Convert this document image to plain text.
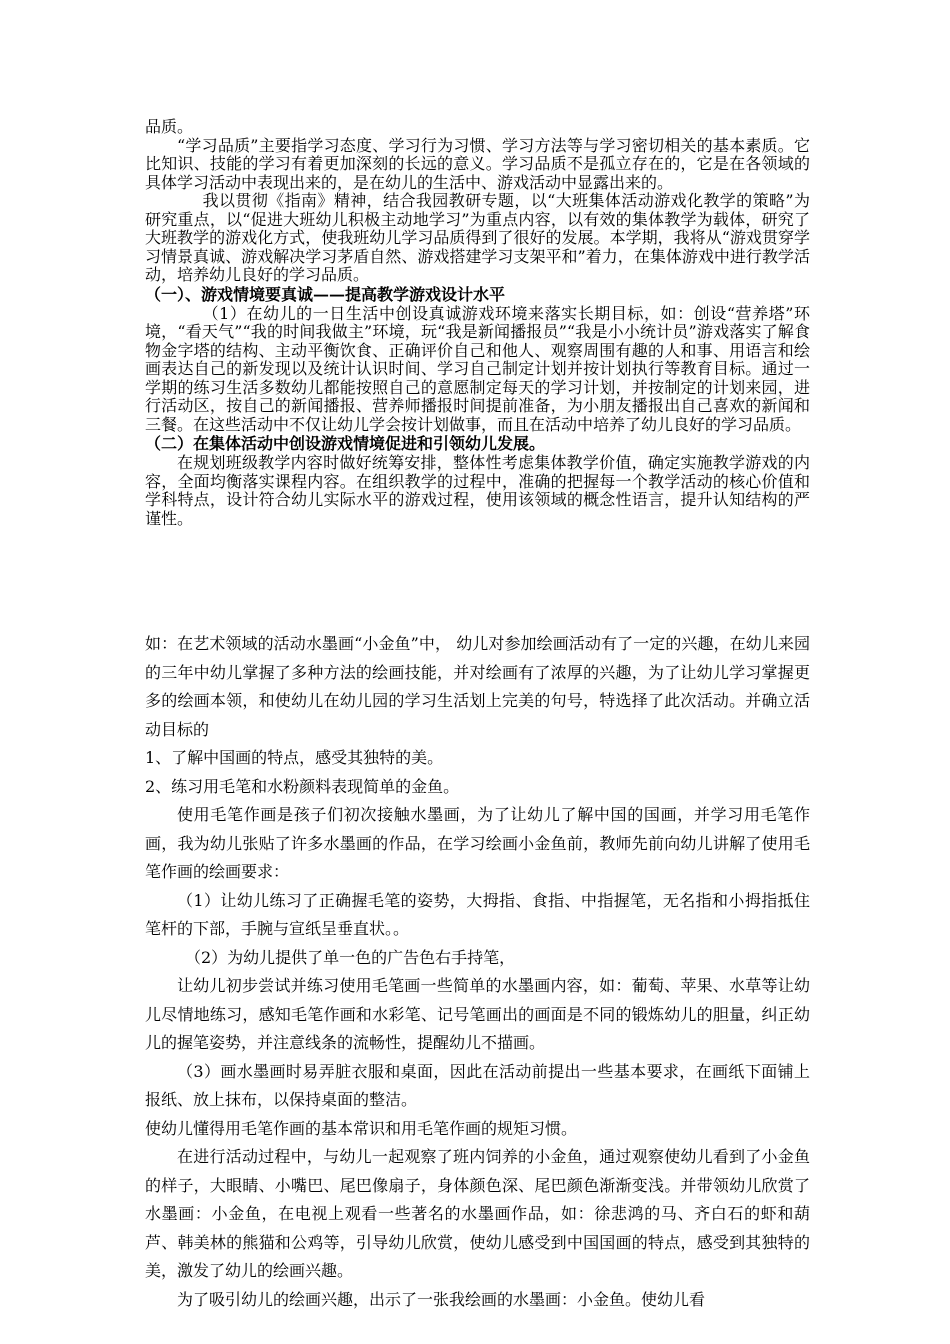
品质。

“学习品质”主要指学习态度、学习行为习惯、学习方法等与学习密切相关的基本素质。它比知识、技能的学习有着更加深刻的长远的意义。学习品质不是孤立存在的，它是在各领域的具体学习活动中表现出来的，是在幼儿的生活中、游戏活动中显露出来的。

我以贯彻《指南》精神，结合我园教研专题，以“大班集体活动游戏化教学的策略”为研究重点，以“促进大班幼儿积极主动地学习”为重点内容，以有效的集体教学为载体，研究了大班教学的游戏化方式，使我班幼儿学习品质得到了很好的发展。本学期，我将从“游戏贯穿学习情景真诚、游戏解决学习茅盾自然、游戏搭建学习支架平和”着力，在集体游戏中进行教学活动，培养幼儿良好的学习品质。

（一）、游戏情境要真诚——提高教学游戏设计水平

（1）在幼儿的一日生活中创设真诚游戏环境来落实长期目标，如：创设“营养塔”环境，“看天气”“我的时间我做主”环境，玩“我是新闻播报员”“我是小小统计员”游戏落实了解食物金字塔的结构、主动平衡饮食、正确评价自己和他人、观察周围有趣的人和事、用语言和绘画表达自己的新发现以及统计认识时间、学习自己制定计划并按计划执行等教育目标。通过一学期的练习生活多数幼儿都能按照自己的意愿制定每天的学习计划，并按制定的计划来园，进行活动区，按自己的新闻播报、营养师播报时间提前准备，为小朋友播报出自己喜欢的新闻和三餐。在这些活动中不仅让幼儿学会按计划做事，而且在活动中培养了幼儿良好的学习品质。

（二）在集体活动中创设游戏情境促进和引领幼儿发展。

在规划班级教学内容时做好统筹安排，整体性考虑集体教学价值，确定实施教学游戏的内容，全面均衡落实课程内容。在组织教学的过程中，准确的把握每一个教学活动的核心价值和学科特点，设计符合幼儿实际水平的游戏过程，使用该领域的概念性语言，提升认知结构的严谨性。

如：在艺术领域的活动水墨画“小金鱼”中， 幼儿对参加绘画活动有了一定的兴趣，在幼儿来园的三年中幼儿掌握了多种方法的绘画技能，并对绘画有了浓厚的兴趣，为了让幼儿学习掌握更多的绘画本领，和使幼儿在幼儿园的学习生活划上完美的句号，特选择了此次活动。并确立活动目标的

1、了解中国画的特点，感受其独特的美。

2、练习用毛笔和水粉颜料表现简单的金鱼。

使用毛笔作画是孩子们初次接触水墨画，为了让幼儿了解中国的国画，并学习用毛笔作画，我为幼儿张贴了许多水墨画的作品，在学习绘画小金鱼前，教师先前向幼儿讲解了使用毛笔作画的绘画要求：

（1）让幼儿练习了正确握毛笔的姿势，大拇指、食指、中指握笔，无名指和小拇指抵住笔杆的下部，手腕与宣纸呈垂直状。。

（2）为幼儿提供了单一色的广告色右手持笔，

让幼儿初步尝试并练习使用毛笔画一些简单的水墨画内容，如：葡萄、苹果、水草等让幼儿尽情地练习，感知毛笔作画和水彩笔、记号笔画出的画面是不同的锻炼幼儿的胆量，纠正幼儿的握笔姿势，并注意线条的流畅性，提醒幼儿不描画。

（3）画水墨画时易弄脏衣服和桌面，因此在活动前提出一些基本要求，在画纸下面铺上报纸、放上抹布，以保持桌面的整洁。

使幼儿懂得用毛笔作画的基本常识和用毛笔作画的规矩习惯。

在进行活动过程中，与幼儿一起观察了班内饲养的小金鱼，通过观察使幼儿看到了小金鱼的样子，大眼睛、小嘴巴、尾巴像扇子，身体颜色深、尾巴颜色渐渐变浅。并带领幼儿欣赏了水墨画：小金鱼，在电视上观看一些著名的水墨画作品，如：徐悲鸿的马、齐白石的虾和葫芦、韩美林的熊猫和公鸡等，引导幼儿欣赏，使幼儿感受到中国国画的特点，感受到其独特的美，激发了幼儿的绘画兴趣。

为了吸引幼儿的绘画兴趣，出示了一张我绘画的水墨画：小金鱼。使幼儿看
